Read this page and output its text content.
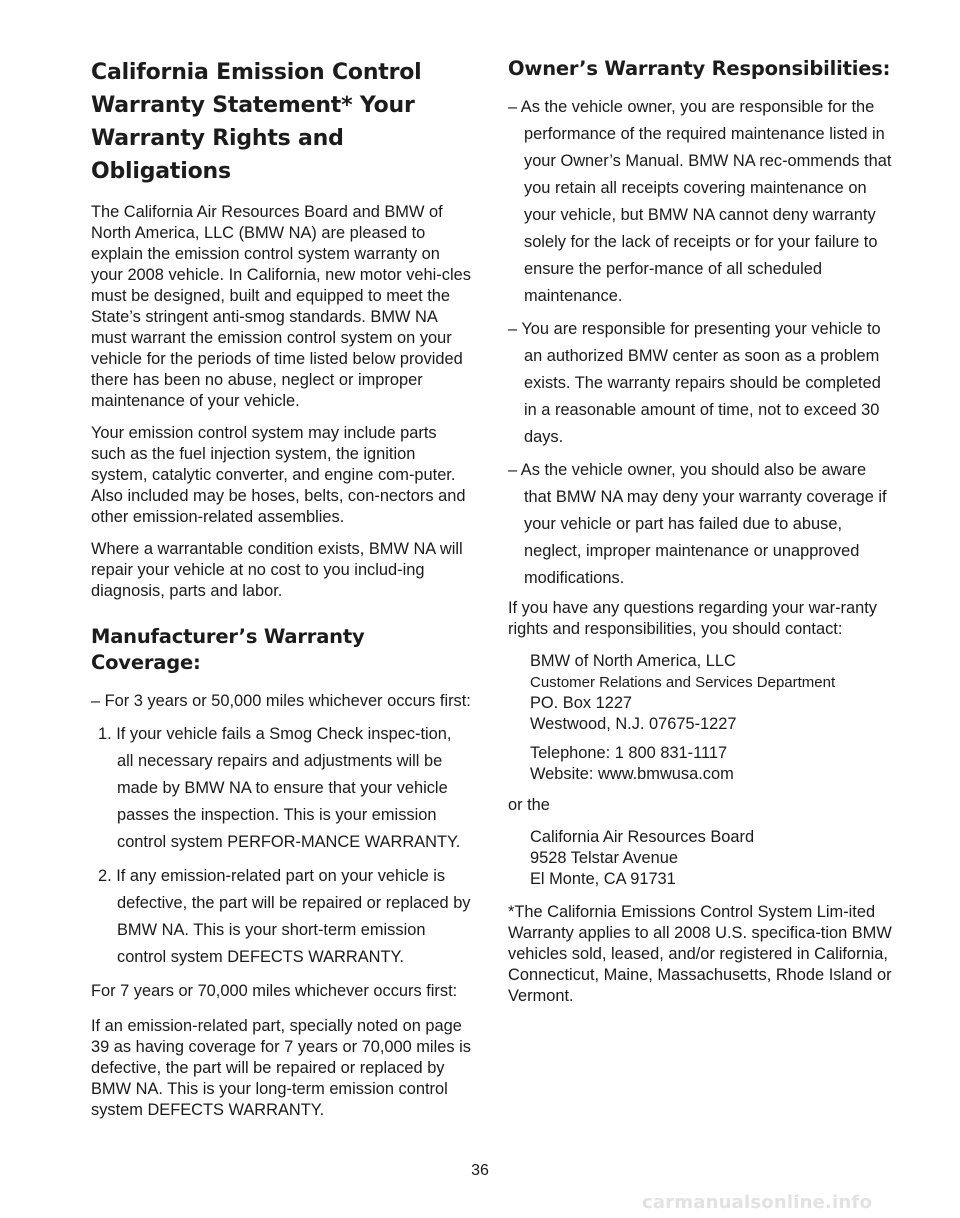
California Emission Control
Warranty Statement* Your
Warranty Rights and Obligations

The California Air Resources Board and BMW of North America, LLC (BMW NA) are pleased to explain the emission control system warranty on your 2008 vehicle. In California, new motor vehi-cles must be designed, built and equipped to meet the State’s stringent anti-smog standards. BMW NA must warrant the emission control system on your vehicle for the periods of time listed below provided there has been no abuse, neglect or improper maintenance of your vehicle.

Your emission control system may include parts such as the fuel injection system, the ignition system, catalytic converter, and engine com-puter. Also included may be hoses, belts, con-nectors and other emission-related assemblies.

Where a warrantable condition exists, BMW NA will repair your vehicle at no cost to you includ-ing diagnosis, parts and labor.

Manufacturer’s Warranty Coverage:
– For 3 years or 50,000 miles whichever occurs first:
1. If your vehicle fails a Smog Check inspec-tion, all necessary repairs and adjustments will be made by BMW NA to ensure that your vehicle passes the inspection. This is your emission control system PERFOR-MANCE WARRANTY.
2. If any emission-related part on your vehicle is defective, the part will be repaired or replaced by BMW NA. This is your short-term emission control system DEFECTS WARRANTY.

For 7 years or 70,000 miles whichever occurs first:

If an emission-related part, specially noted on page 39 as having coverage for 7 years or 70,000 miles is defective, the part will be repaired or replaced by BMW NA. This is your long-term emission control system DEFECTS WARRANTY.

Owner’s Warranty Responsibilities:
– As the vehicle owner, you are responsible for the performance of the required maintenance listed in your Owner’s Manual. BMW NA rec-ommends that you retain all receipts covering maintenance on your vehicle, but BMW NA cannot deny warranty solely for the lack of receipts or for your failure to ensure the perfor-mance of all scheduled maintenance.
– You are responsible for presenting your vehicle to an authorized BMW center as soon as a problem exists. The warranty repairs should be completed in a reasonable amount of time, not to exceed 30 days.
– As the vehicle owner, you should also be aware that BMW NA may deny your warranty coverage if your vehicle or part has failed due to abuse, neglect, improper maintenance or unapproved modifications.

If you have any questions regarding your war-ranty rights and responsibilities, you should contact:

BMW of North America, LLC
Customer Relations and Services Department
PO. Box 1227
Westwood, N.J. 07675-1227
Telephone: 1 800 831-1117
Website: www.bmwusa.com

or the

California Air Resources Board
9528 Telstar Avenue
El Monte, CA 91731

*The California Emissions Control System Lim-ited Warranty applies to all 2008 U.S. specifica-tion BMW vehicles sold, leased, and/or registered in California, Connecticut, Maine, Massachusetts, Rhode Island or Vermont.

36
carmanualsonline.info
